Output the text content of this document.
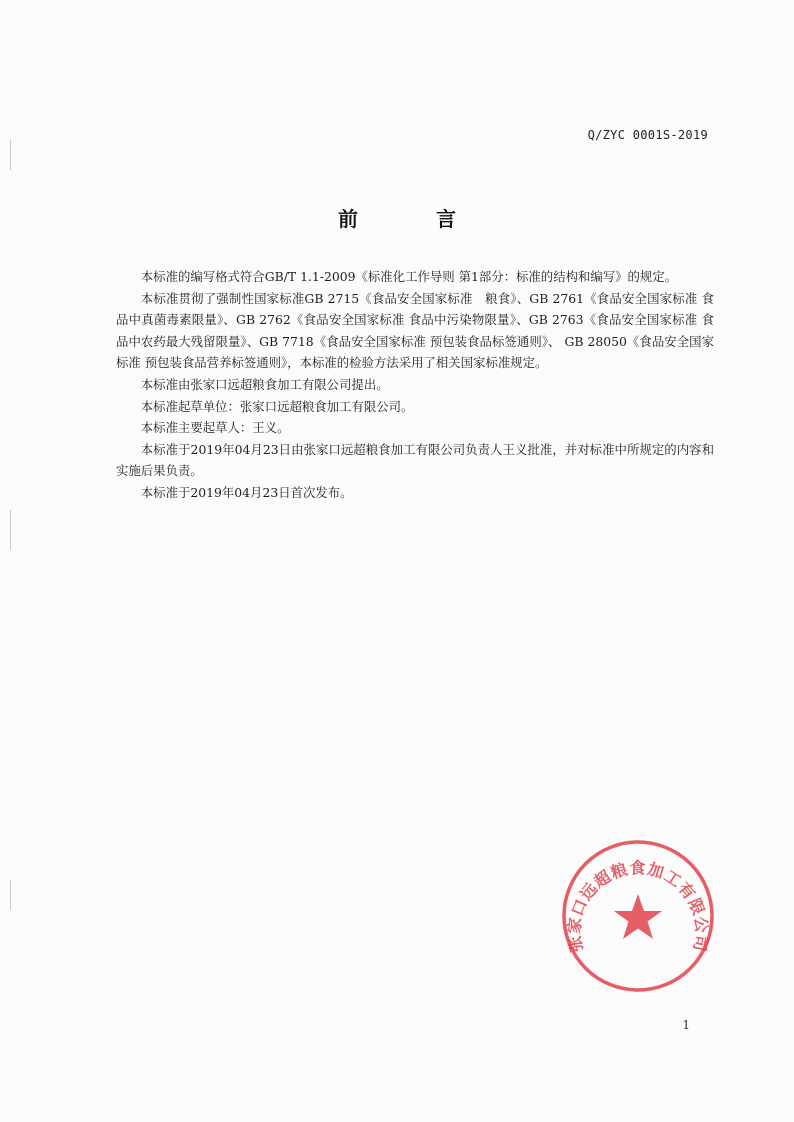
Q/ZYC 0001S-2019
前	言

本标准的编写格式符合GB/T 1.1-2009《标准化工作导则 第1部分：标准的结构和编写》的规定。

本标准贯彻了强制性国家标准GB 2715《食品安全国家标准　粮食》、GB 2761《食品安全国家标准 食品中真菌毒素限量》、GB 2762《食品安全国家标准 食品中污染物限量》、GB 2763《食品安全国家标准 食品中农药最大残留限量》、GB 7718《食品安全国家标准 预包装食品标签通则》、 GB 28050《食品安全国家标准 预包装食品营养标签通则》，本标准的检验方法采用了相关国家标准规定。

本标准由张家口远超粮食加工有限公司提出。

本标准起草单位：张家口远超粮食加工有限公司。

本标准主要起草人：王义。

本标准于2019年04月23日由张家口远超粮食加工有限公司负责人王义批准，并对标准中所规定的内容和实施后果负责。

本标准于2019年04月23日首次发布。

张家口远超粮食加工有限公司
1
